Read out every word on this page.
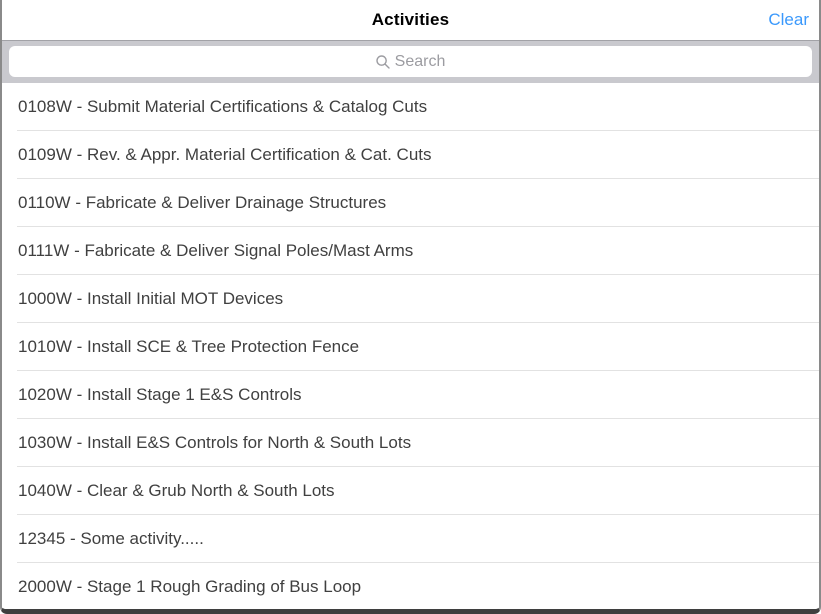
Activities	Clear
Search
0108W - Submit Material Certifications & Catalog Cuts
0109W - Rev. & Appr. Material Certification & Cat. Cuts
0110W - Fabricate & Deliver Drainage Structures
0111W - Fabricate & Deliver Signal Poles/Mast Arms
1000W - Install Initial MOT Devices
1010W - Install SCE & Tree Protection Fence
1020W - Install Stage 1 E&S Controls
1030W - Install E&S Controls for North & South Lots
1040W - Clear & Grub North & South Lots
12345 - Some activity.....
2000W - Stage 1 Rough Grading of Bus Loop
